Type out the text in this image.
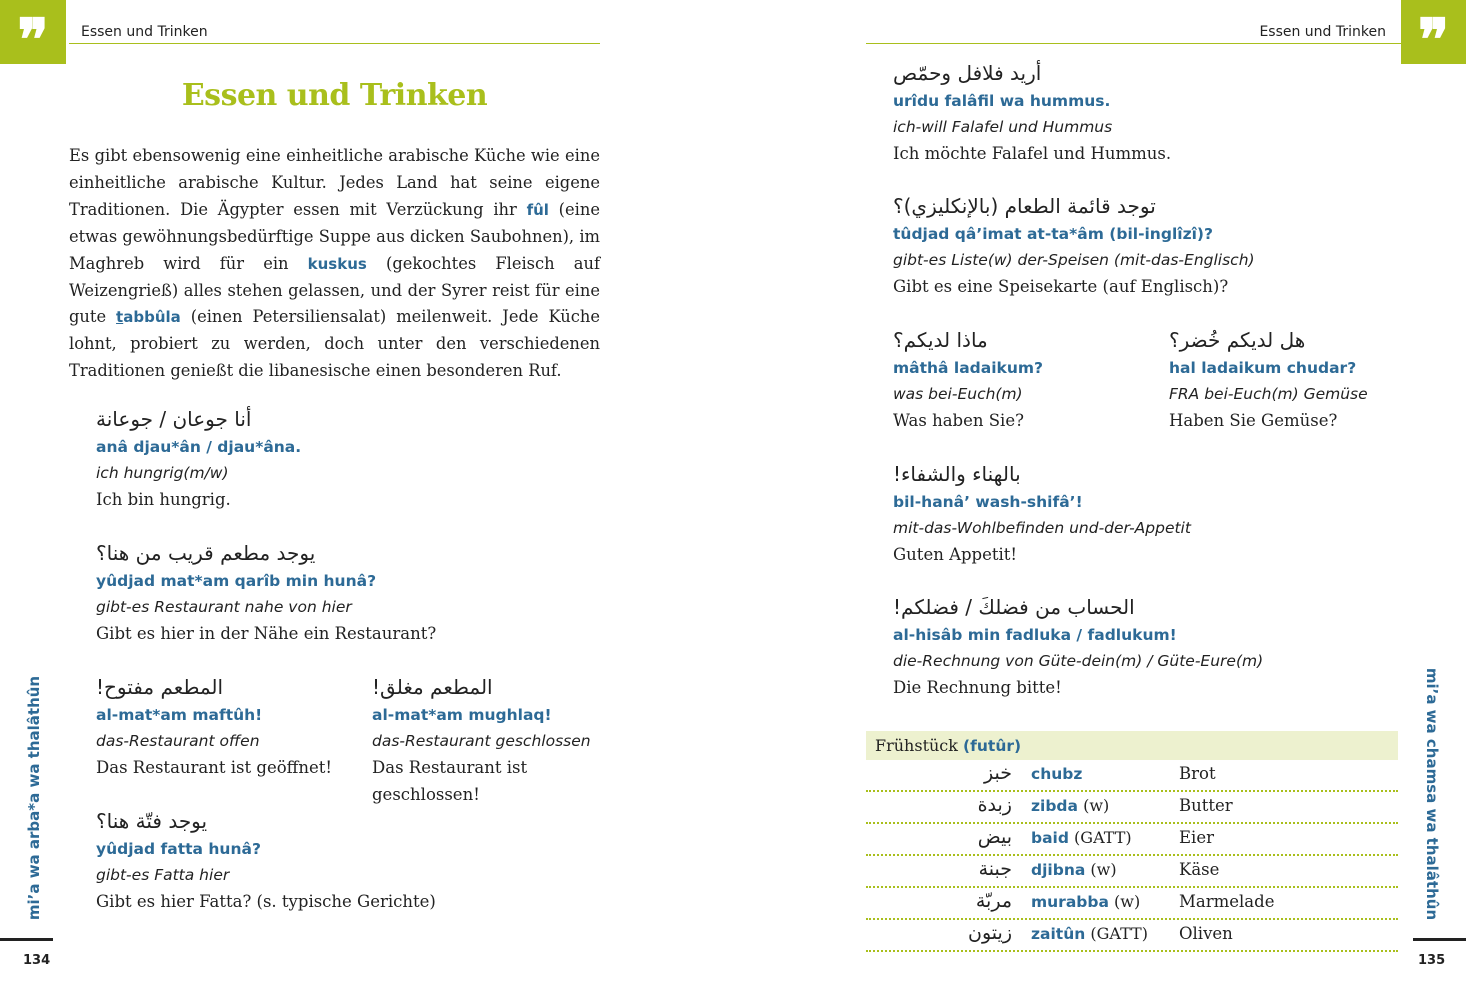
❞	Essen und Trinken	❞
Essen und Trinken
Essen und Trinken
Es gibt ebensowenig eine einheitliche arabische Küche wie eine einheitliche arabische Kultur. Jedes Land hat seine eigene Traditionen. Die Ägypter essen mit Verzückung ihr fûl (eine etwas gewöhnungsbedürftige Suppe aus dicken Saubohnen), im Maghreb wird für ein kuskus (gekochtes Fleisch auf Weizengrieß) alles stehen gelassen, und der Syrer reist für eine gute tabbûla (einen Petersiliensalat) meilenweit. Jede Küche lohnt, probiert zu werden, doch unter den verschiedenen Traditionen genießt die libanesische einen besonderen Ruf.
أنا جوعان / جوعانة
anâ djau*ân / djau*âna.
ich hungrig(m/w)
Ich bin hungrig.
يوجد مطعم قريب من هنا؟
yûdjad mat*am qarîb min hunâ?
gibt-es Restaurant nahe von hier
Gibt es hier in der Nähe ein Restaurant?
المطعم مفتوح!
al-mat*am maftûh!
das-Restaurant offen
Das Restaurant ist geöffnet!
المطعم مغلق!
al-mat*am mughlaq!
das-Restaurant geschlossen
Das Restaurant ist geschlossen!
يوجد فتّة هنا؟
yûdjad fatta hunâ?
gibt-es Fatta hier
Gibt es hier Fatta? (s. typische Gerichte)
أريد فلافل وحمّص
urîdu falâfil wa hummus.
ich-will Falafel und Hummus
Ich möchte Falafel und Hummus.
توجد قائمة الطعام (بالإنكليزي)؟
tûdjad qâ’imat at-ta*âm (bil-inglîzî)?
gibt-es Liste(w) der-Speisen (mit-das-Englisch)
Gibt es eine Speisekarte (auf Englisch)?
ماذا لديكم؟
mâthâ ladaikum?
was bei-Euch(m)
Was haben Sie?
هل لديكم خُضر؟
hal ladaikum chudar?
FRA bei-Euch(m) Gemüse
Haben Sie Gemüse?
بالهناء والشفاء!
bil-hanâ’ wash-shifâ’!
mit-das-Wohlbefinden und-der-Appetit
Guten Appetit!
الحساب من فضلكَ / فضلكم!
al-hisâb min fadluka / fadlukum!
die-Rechnung von Güte-dein(m) / Güte-Eure(m)
Die Rechnung bitte!
Frühstück (futûr)
خبز chubz	Brot
زبدة zibda (w)	Butter
بيض baid (GATT)	Eier
جبنة djibna (w)	Käse
مربّة murabba (w) Marmelade
زيتون zaitûn (GATT) Oliven
mi’a wa arba*a wa thalâthûn	mi’a wa chamsa wa thalâthûn
134	135
